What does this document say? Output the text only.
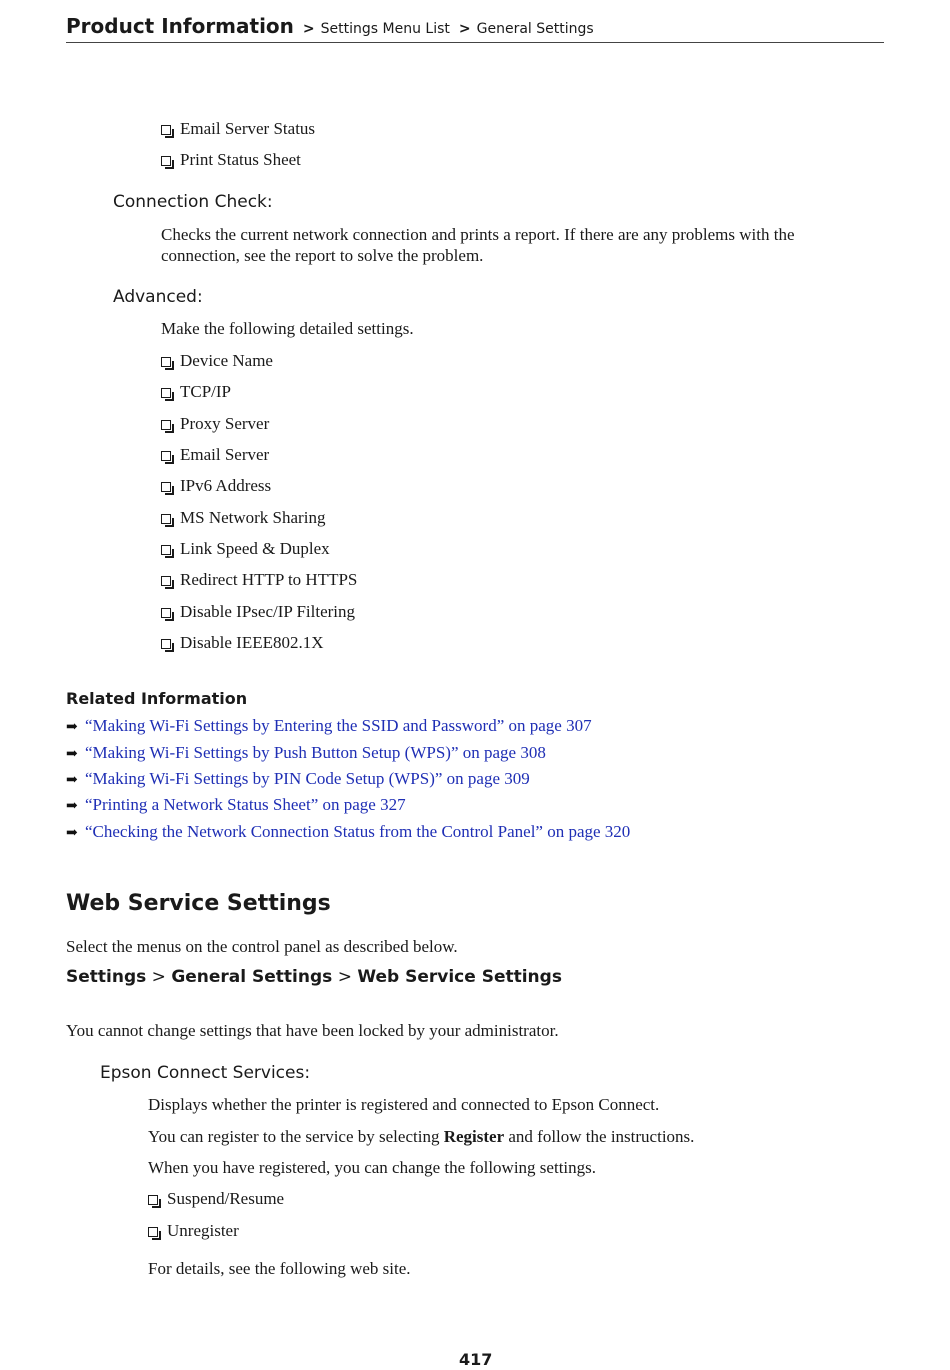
Product Information > Settings Menu List > General Settings
Email Server Status
Print Status Sheet
Connection Check:
Checks the current network connection and prints a report. If there are any problems with the
connection, see the report to solve the problem.
Advanced:
Make the following detailed settings.
Device Name
TCP/IP
Proxy Server
Email Server
IPv6 Address
MS Network Sharing
Link Speed & Duplex
Redirect HTTP to HTTPS
Disable IPsec/IP Filtering
Disable IEEE802.1X
Related Information
➡ “Making Wi-Fi Settings by Entering the SSID and Password” on page 307
➡ “Making Wi-Fi Settings by Push Button Setup (WPS)” on page 308
➡ “Making Wi-Fi Settings by PIN Code Setup (WPS)” on page 309
➡ “Printing a Network Status Sheet” on page 327
➡ “Checking the Network Connection Status from the Control Panel” on page 320
Web Service Settings
Select the menus on the control panel as described below.
Settings > General Settings > Web Service Settings
You cannot change settings that have been locked by your administrator.
Epson Connect Services:
Displays whether the printer is registered and connected to Epson Connect.
You can register to the service by selecting Register and follow the instructions.
When you have registered, you can change the following settings.
Suspend/Resume
Unregister
For details, see the following web site.
417
